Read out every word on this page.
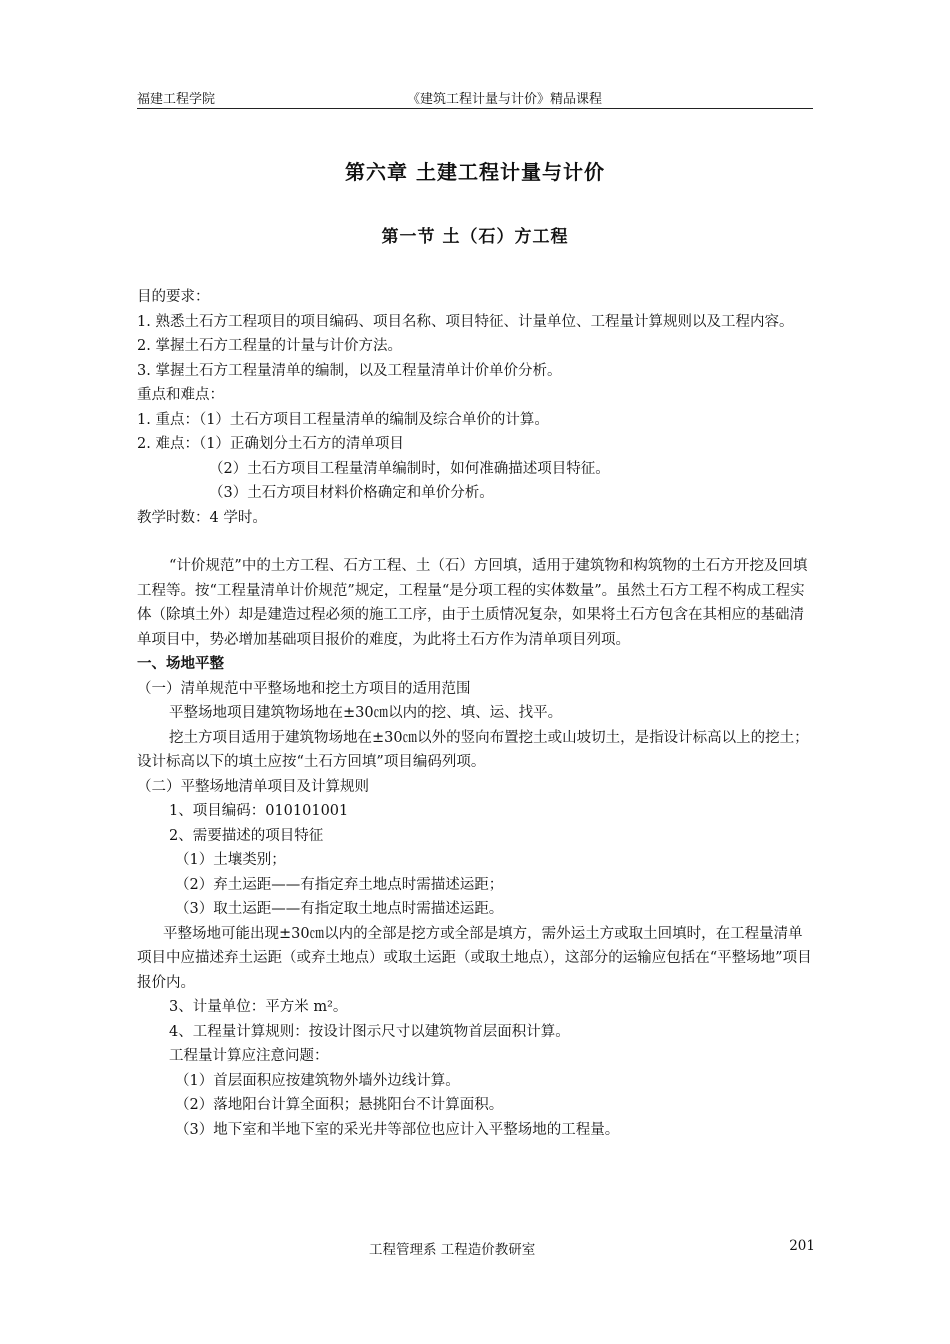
福建工程学院	《建筑工程计量与计价》精品课程
第六章 土建工程计量与计价
第一节 土（石）方工程

目的要求：

1. 熟悉土石方工程项目的项目编码、项目名称、项目特征、计量单位、工程量计算规则以及工程内容。

2. 掌握土石方工程量的计量与计价方法。

3. 掌握土石方工程量清单的编制，以及工程量清单计价单价分析。

重点和难点：

1. 重点：（1）土石方项目工程量清单的编制及综合单价的计算。

2. 难点：（1）正确划分土石方的清单项目

（2）土石方项目工程量清单编制时，如何准确描述项目特征。

（3）土石方项目材料价格确定和单价分析。

教学时数：4 学时。

“计价规范”中的土方工程、石方工程、土（石）方回填，适用于建筑物和构筑物的土石方开挖及回填工程等。按“工程量清单计价规范”规定，工程量“是分项工程的实体数量”。虽然土石方工程不构成工程实体（除填土外）却是建造过程必须的施工工序，由于土质情况复杂，如果将土石方包含在其相应的基础清单项目中，势必增加基础项目报价的难度，为此将土石方作为清单项目列项。

一、场地平整

（一）清单规范中平整场地和挖土方项目的适用范围

平整场地项目建筑物场地在±30㎝以内的挖、填、运、找平。

挖土方项目适用于建筑物场地在±30㎝以外的竖向布置挖土或山坡切土，是指设计标高以上的挖土；设计标高以下的填土应按“土石方回填”项目编码列项。

（二）平整场地清单项目及计算规则

1、项目编码：010101001

2、需要描述的项目特征

（1）土壤类别；

（2）弃土运距——有指定弃土地点时需描述运距；

（3）取土运距——有指定取土地点时需描述运距。

平整场地可能出现±30㎝以内的全部是挖方或全部是填方，需外运土方或取土回填时，在工程量清单项目中应描述弃土运距（或弃土地点）或取土运距（或取土地点），这部分的运输应包括在“平整场地”项目报价内。

3、计量单位：平方米 m²。

4、工程量计算规则：按设计图示尺寸以建筑物首层面积计算。

工程量计算应注意问题：

（1）首层面积应按建筑物外墙外边线计算。

（2）落地阳台计算全面积；悬挑阳台不计算面积。

（3）地下室和半地下室的采光井等部位也应计入平整场地的工程量。

工程管理系 工程造价教研室	201
